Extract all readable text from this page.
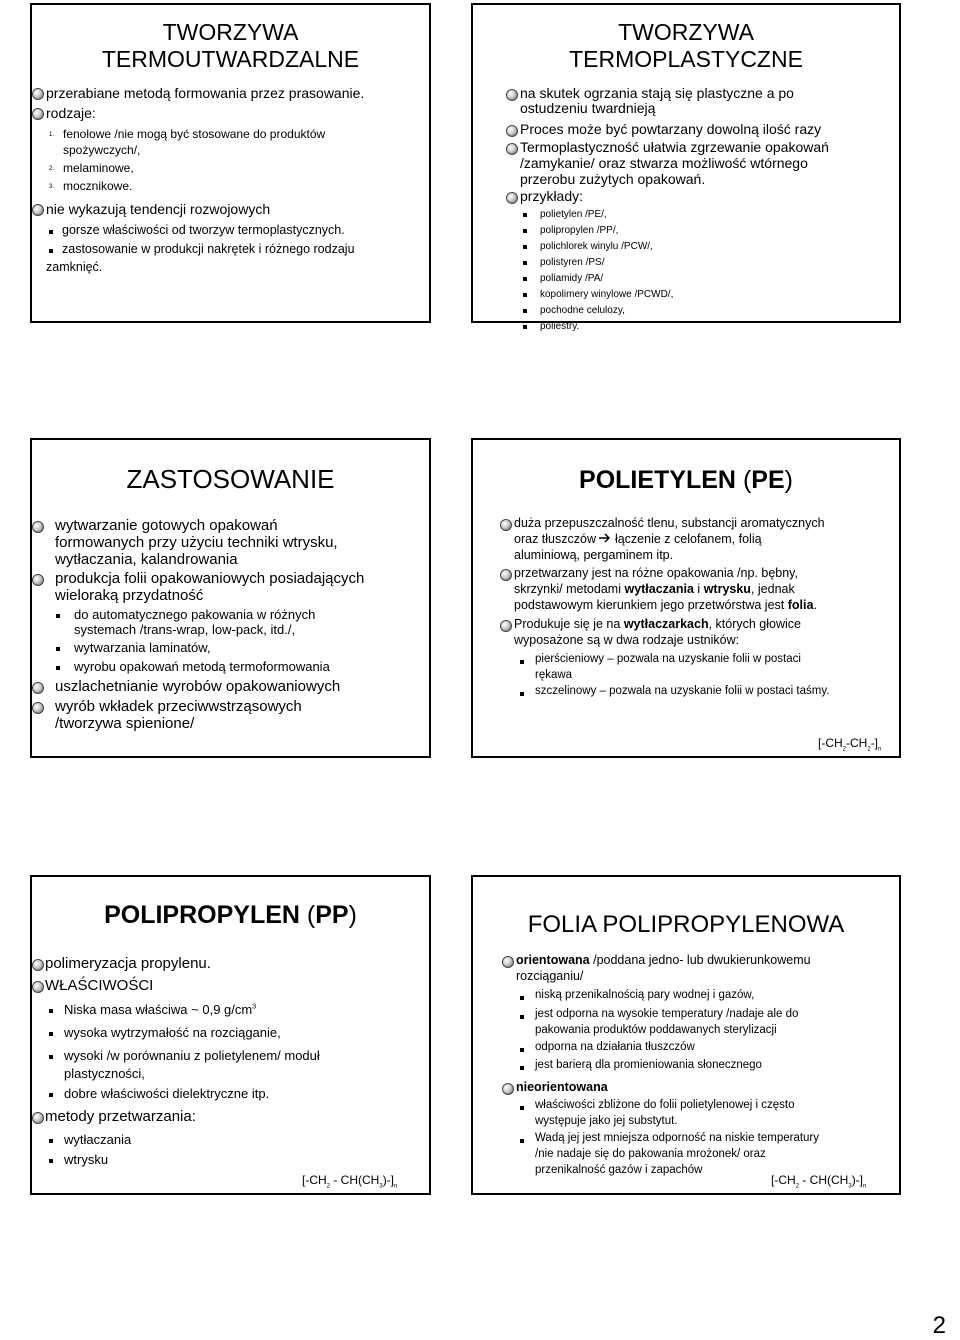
TWORZYWA
TERMOUTWARDZALNE
przerabiane metodą formowania przez prasowanie.
rodzaje:
1. fenolowe /nie mogą być stosowane do produktów
spożywczych/,
2. melaminowe,
3. mocznikowe.
nie wykazują tendencji rozwojowych
gorsze właściwości od tworzyw termoplastycznych.
zastosowanie w produkcji nakrętek i różnego rodzaju
zamknięć.
TWORZYWA
TERMOPLASTYCZNE
na skutek ogrzania stają się plastyczne a po
ostudzeniu twardnieją
Proces może być powtarzany dowolną ilość razy
Termoplastyczność ułatwia zgrzewanie opakowań
/zamykanie/ oraz stwarza możliwość wtórnego
przerobu zużytych opakowań.
przykłady:
polietylen /PE/,
polipropylen /PP/,
polichlorek winylu /PCW/,
polistyren /PS/
poliamidy /PA/
kopolimery winylowe /PCWD/,
pochodne celulozy,
poliestry.
ZASTOSOWANIE
wytwarzanie gotowych opakowań
formowanych przy użyciu techniki wtrysku,
wytłaczania, kalandrowania
produkcja folii opakowaniowych posiadających
wieloraką przydatność
do automatycznego pakowania w różnych
systemach /trans-wrap, low-pack, itd./,
wytwarzania laminatów,
wyrobu opakowań metodą termoformowania
uszlachetnianie wyrobów opakowaniowych
wyrób wkładek przeciwwstrząsowych
/tworzywa spienione/
POLIETYLEN (PE)
duża przepuszczalność tlenu, substancji aromatycznych
oraz tłuszczów łączenie z celofanem, folią
aluminiową, pergaminem itp.
przetwarzany jest na różne opakowania /np. bębny,
skrzynki/ metodami wytłaczania i wtrysku, jednak
podstawowym kierunkiem jego przetwórstwa jest folia.
Produkuje się je na wytłaczarkach, których głowice
wyposażone są w dwa rodzaje ustników:
pierścieniowy – pozwala na uzyskanie folii w postaci
rękawa
szczelinowy – pozwala na uzyskanie folii w postaci taśmy.
$[-CH_2-CH_2-]_n$
POLIPROPYLEN (PP)
polimeryzacja propylenu.
WŁAŚCIWOŚCI
Niska masa właściwa ~ 0,9 $g/cm^3$
wysoka wytrzymałość na rozciąganie,
wysoki /w porównaniu z polietylenem/ moduł
plastyczności,
dobre właściwości dielektryczne itp.
metody przetwarzania:
wytłaczania
wtrysku
$[-CH_2 - CH(CH_3)-]_n$
FOLIA POLIPROPYLENOWA
orientowana /poddana jedno- lub dwukierunkowemu
rozciąganiu/
niską przenikalnością pary wodnej i gazów,
jest odporna na wysokie temperatury /nadaje ale do
pakowania produktów poddawanych sterylizacji
odporna na działania tłuszczów
jest barierą dla promieniowania słonecznego
nieorientowana
właściwości zbliżone do folii polietylenowej i często
występuje jako jej substytut.
Wadą jej jest mniejsza odporność na niskie temperatury
/nie nadaje się do pakowania mrożonek/ oraz
przenikalność gazów i zapachów
$[-CH_2 - CH(CH_3)-]_n$
2
